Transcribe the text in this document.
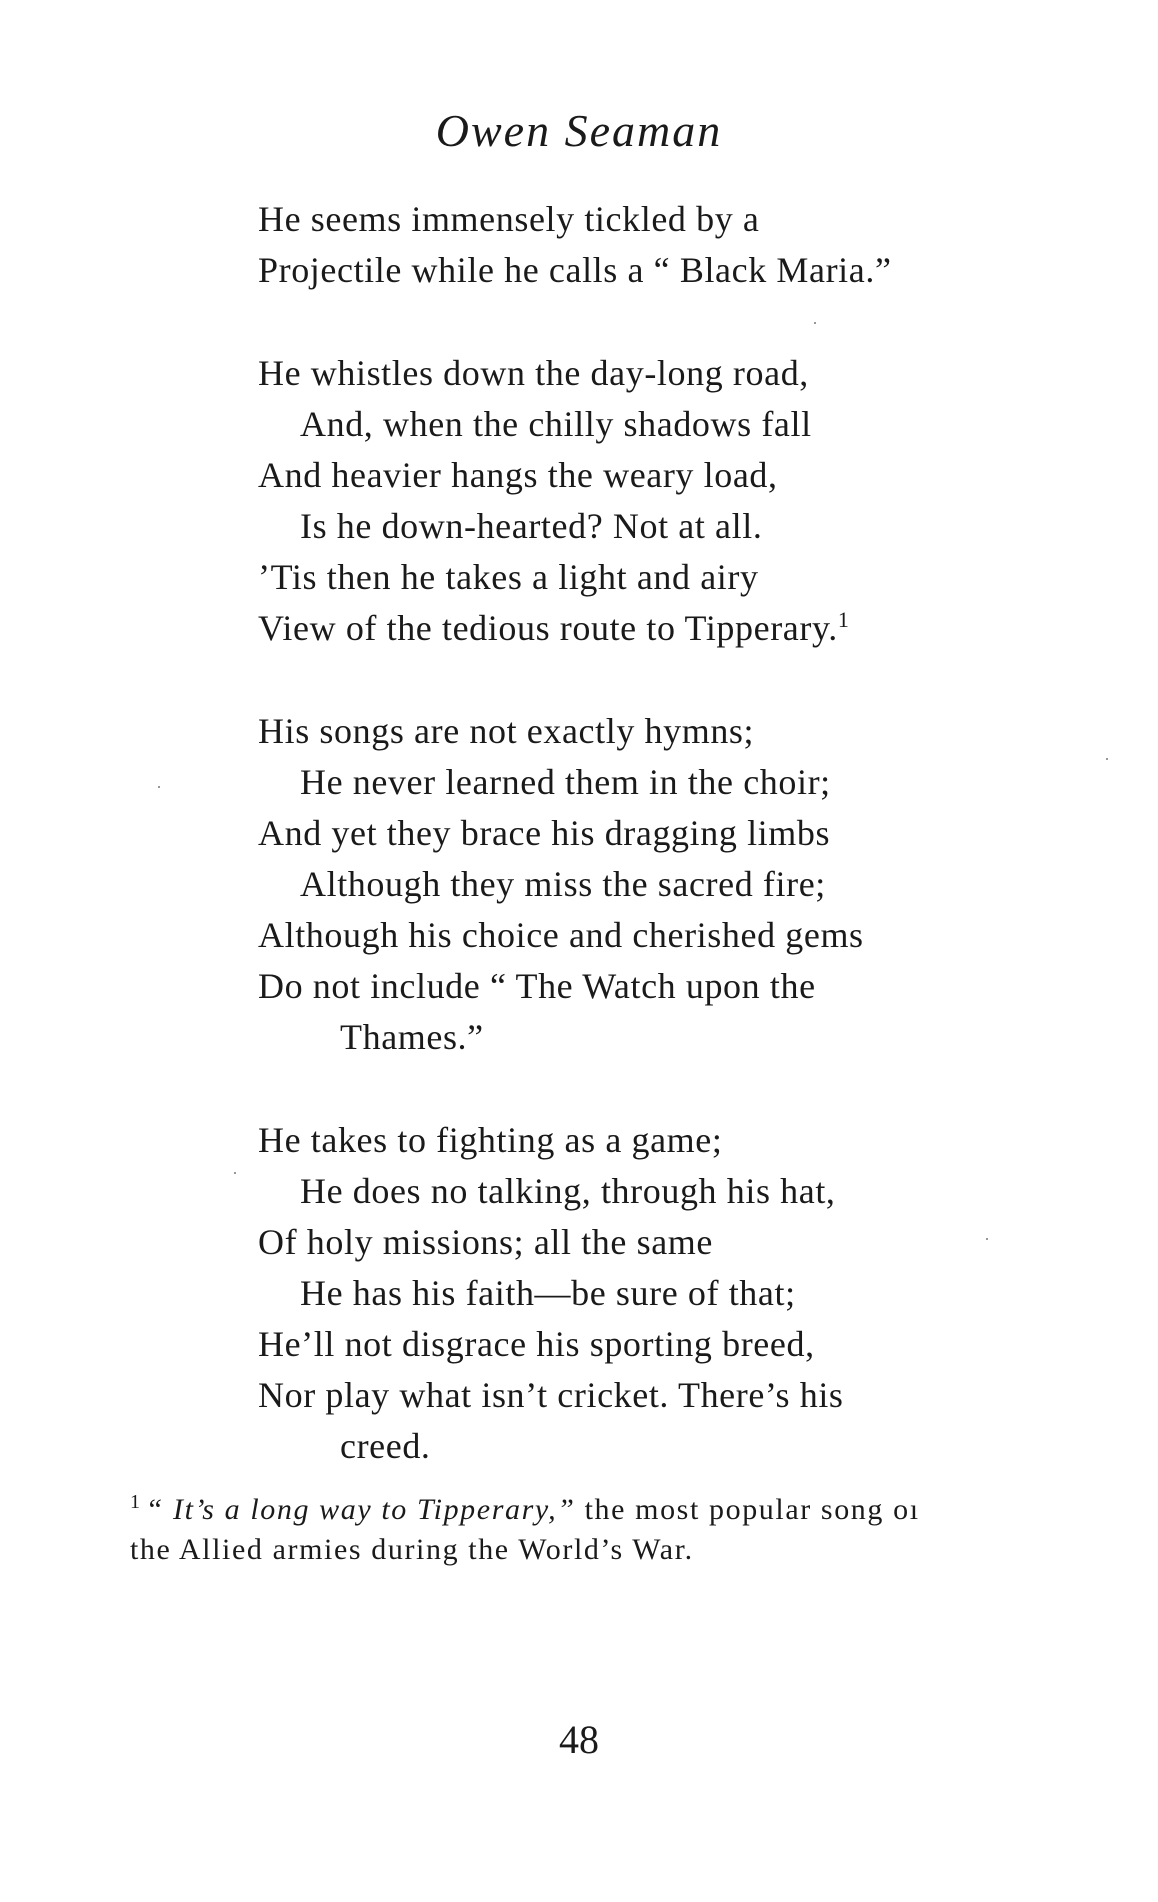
Owen Seaman
He seems immensely tickled by a
Projectile while he calls a “ Black Maria.”
He whistles down the day-long road,
And, when the chilly shadows fall
And heavier hangs the weary load,
Is he down-hearted? Not at all.
’Tis then he takes a light and airy
View of the tedious route to Tipperary.$^1$
His songs are not exactly hymns;
He never learned them in the choir;
And yet they brace his dragging limbs
Although they miss the sacred fire;
Although his choice and cherished gems
Do not include “ The Watch upon the
Thames.”
He takes to fighting as a game;
He does no talking, through his hat,
Of holy missions; all the same
He has his faith—be sure of that;
He’ll not disgrace his sporting breed,
Nor play what isn’t cricket. There’s his
creed.
$^1$ “ It’s a long way to Tipperary,” the most popular song oı
the Allied armies during the World’s War.
48
